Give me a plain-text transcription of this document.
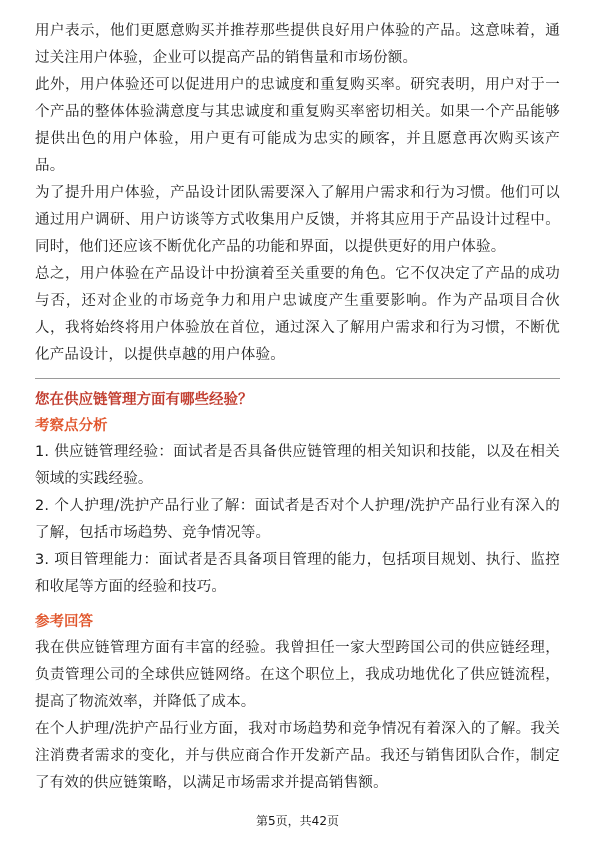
用户表示，他们更愿意购买并推荐那些提供良好用户体验的产品。这意味着，通过关注用户体验，企业可以提高产品的销售量和市场份额。

此外，用户体验还可以促进用户的忠诚度和重复购买率。研究表明，用户对于一个产品的整体体验满意度与其忠诚度和重复购买率密切相关。如果一个产品能够提供出色的用户体验，用户更有可能成为忠实的顾客，并且愿意再次购买该产品。

为了提升用户体验，产品设计团队需要深入了解用户需求和行为习惯。他们可以通过用户调研、用户访谈等方式收集用户反馈，并将其应用于产品设计过程中。同时，他们还应该不断优化产品的功能和界面，以提供更好的用户体验。

总之，用户体验在产品设计中扮演着至关重要的角色。它不仅决定了产品的成功与否，还对企业的市场竞争力和用户忠诚度产生重要影响。作为产品项目合伙人，我将始终将用户体验放在首位，通过深入了解用户需求和行为习惯，不断优化产品设计，以提供卓越的用户体验。

您在供应链管理方面有哪些经验？

考察点分析

1. 供应链管理经验：面试者是否具备供应链管理的相关知识和技能，以及在相关领域的实践经验。

2. 个人护理/洗护产品行业了解：面试者是否对个人护理/洗护产品行业有深入的了解，包括市场趋势、竞争情况等。

3. 项目管理能力：面试者是否具备项目管理的能力，包括项目规划、执行、监控和收尾等方面的经验和技巧。

参考回答

我在供应链管理方面有丰富的经验。我曾担任一家大型跨国公司的供应链经理，负责管理公司的全球供应链网络。在这个职位上，我成功地优化了供应链流程，提高了物流效率，并降低了成本。

在个人护理/洗护产品行业方面，我对市场趋势和竞争情况有着深入的了解。我关注消费者需求的变化，并与供应商合作开发新产品。我还与销售团队合作，制定了有效的供应链策略，以满足市场需求并提高销售额。

第5页，共42页
